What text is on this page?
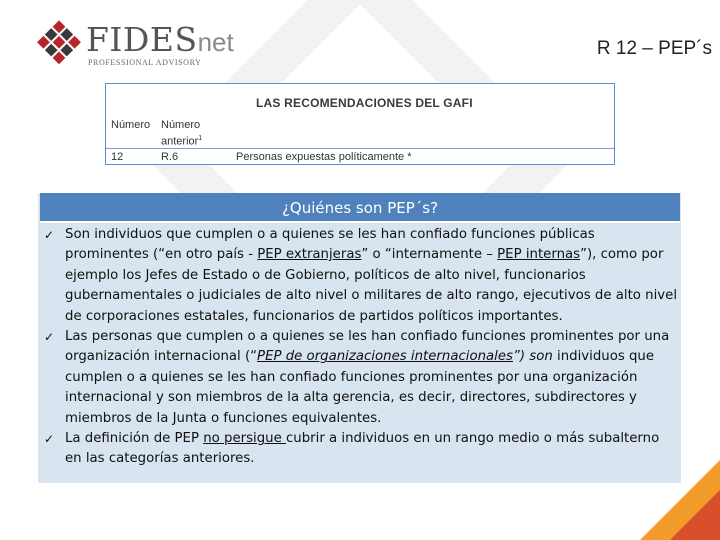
FIDESnet
PROFESSIONAL ADVISORY
R 12 – PEP´s
LAS RECOMENDACIONES DEL GAFI
Número Número
anterior$^1$
12	R.6	Personas expuestas políticamente *
¿Quiénes son PEP´s?
✓ Son individuos que cumplen o a quienes se les han confiado funciones públicas prominentes (“en otro país - PEP extranjeras” o “internamente – PEP internas”), como por ejemplo los Jefes de Estado o de Gobierno, políticos de alto nivel, funcionarios gubernamentales o judiciales de alto nivel o militares de alto rango, ejecutivos de alto nivel de corporaciones estatales, funcionarios de partidos políticos importantes.
✓ Las personas que cumplen o a quienes se les han confiado funciones prominentes por una organización internacional (“PEP de organizaciones internacionales”) son individuos que cumplen o a quienes se les han confiado funciones prominentes por una organización internacional y son miembros de la alta gerencia, es decir, directores, subdirectores y miembros de la Junta o funciones equivalentes.
✓ La definición de PEP no persigue cubrir a individuos en un rango medio o más subalterno en las categorías anteriores.
